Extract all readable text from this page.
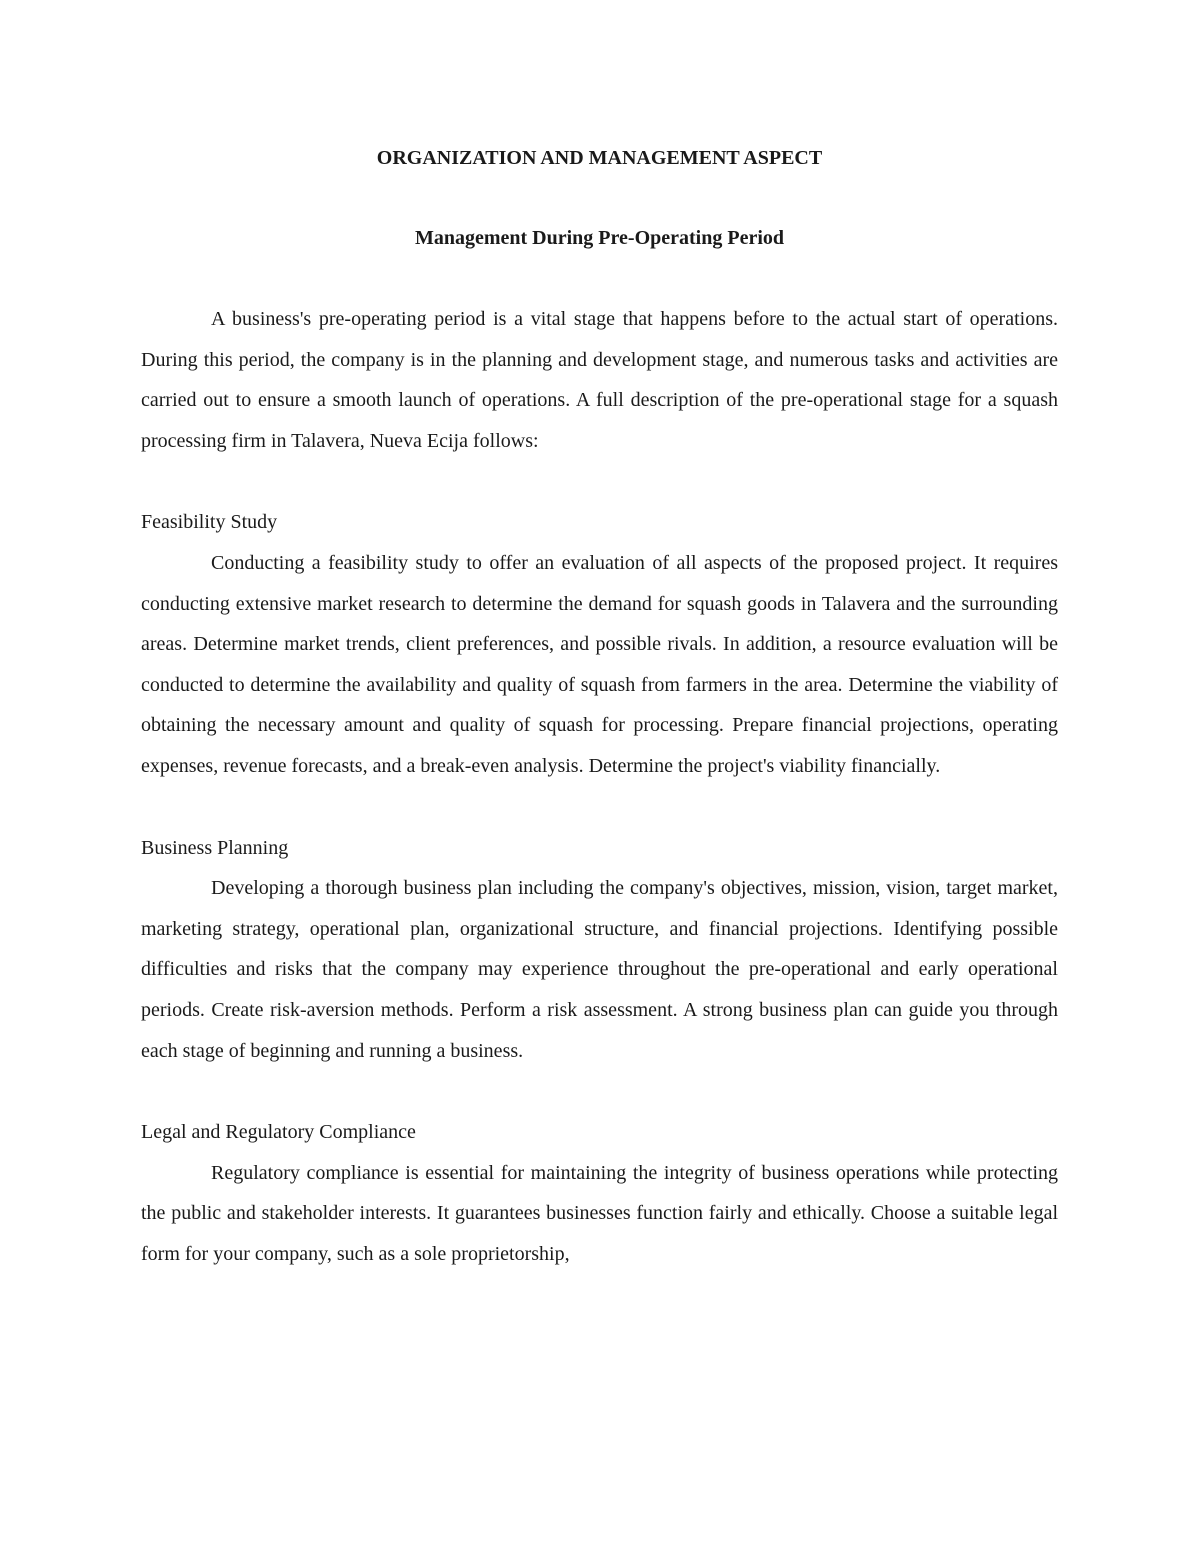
ORGANIZATION AND MANAGEMENT ASPECT
Management During Pre-Operating Period

A business's pre-operating period is a vital stage that happens before to the actual start of operations. During this period, the company is in the planning and development stage, and numerous tasks and activities are carried out to ensure a smooth launch of operations. A full description of the pre-operational stage for a squash processing firm in Talavera, Nueva Ecija follows:

Feasibility Study

Conducting a feasibility study to offer an evaluation of all aspects of the proposed project. It requires conducting extensive market research to determine the demand for squash goods in Talavera and the surrounding areas. Determine market trends, client preferences, and possible rivals. In addition, a resource evaluation will be conducted to determine the availability and quality of squash from farmers in the area. Determine the viability of obtaining the necessary amount and quality of squash for processing. Prepare financial projections, operating expenses, revenue forecasts, and a break-even analysis. Determine the project's viability financially.

Business Planning

Developing a thorough business plan including the company's objectives, mission, vision, target market, marketing strategy, operational plan, organizational structure, and financial projections. Identifying possible difficulties and risks that the company may experience throughout the pre-operational and early operational periods. Create risk-aversion methods. Perform a risk assessment. A strong business plan can guide you through each stage of beginning and running a business.

Legal and Regulatory Compliance

Regulatory compliance is essential for maintaining the integrity of business operations while protecting the public and stakeholder interests. It guarantees businesses function fairly and ethically. Choose a suitable legal form for your company, such as a sole proprietorship,
